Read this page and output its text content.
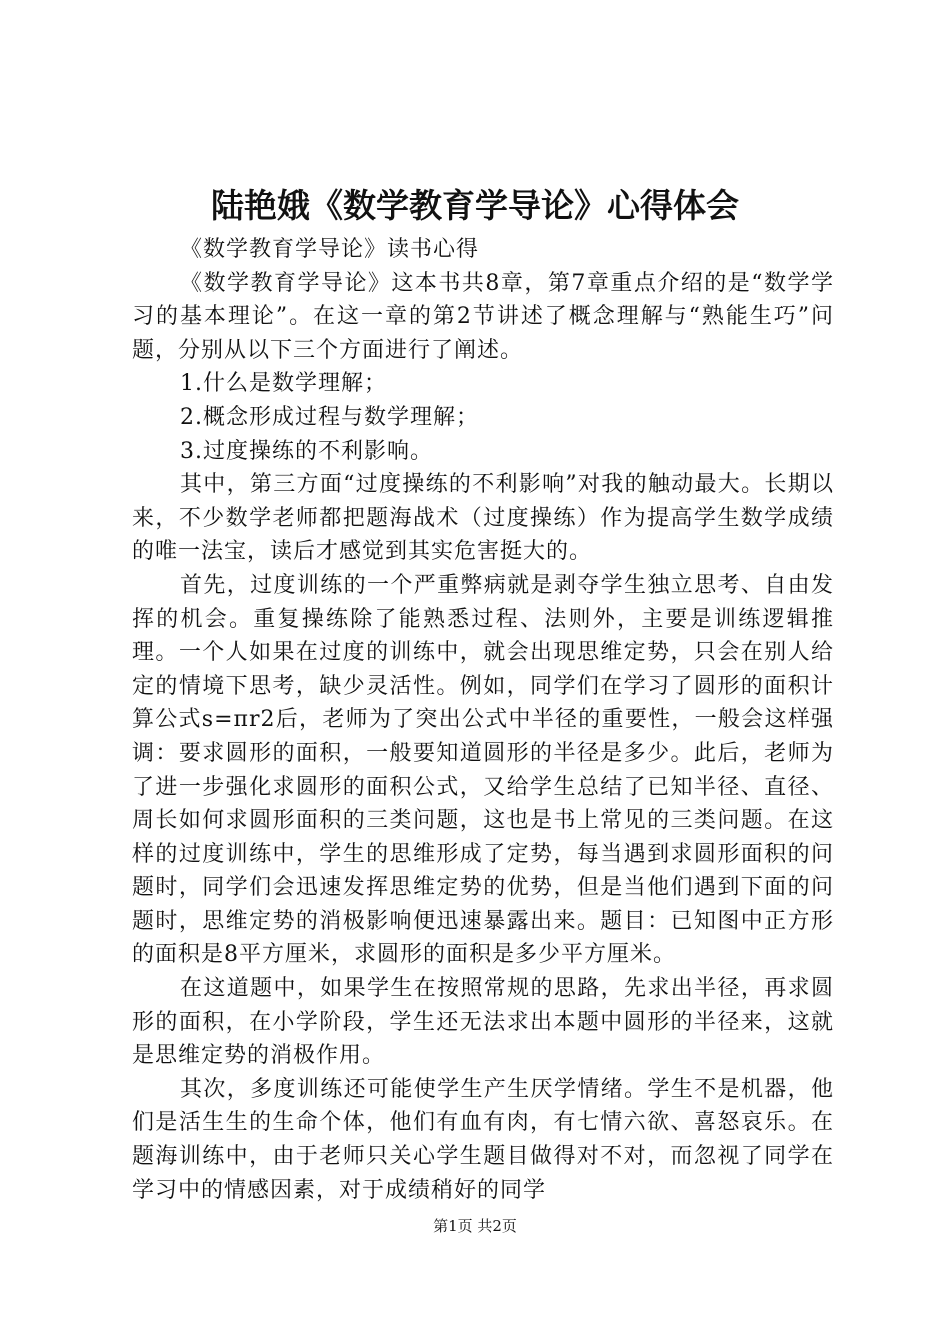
陆艳娥《数学教育学导论》心得体会

《数学教育学导论》读书心得

《数学教育学导论》这本书共8章，第7章重点介绍的是“数学学习的基本理论”。在这一章的第2节讲述了概念理解与“熟能生巧”问题，分别从以下三个方面进行了阐述。

1.什么是数学理解；

2.概念形成过程与数学理解；

3.过度操练的不利影响。

其中，第三方面“过度操练的不利影响”对我的触动最大。长期以来，不少数学老师都把题海战术（过度操练）作为提高学生数学成绩的唯一法宝，读后才感觉到其实危害挺大的。

首先，过度训练的一个严重弊病就是剥夺学生独立思考、自由发挥的机会。重复操练除了能熟悉过程、法则外，主要是训练逻辑推理。一个人如果在过度的训练中，就会出现思维定势，只会在别人给定的情境下思考，缺少灵活性。例如，同学们在学习了圆形的面积计算公式s=πr2后，老师为了突出公式中半径的重要性，一般会这样强调：要求圆形的面积，一般要知道圆形的半径是多少。此后，老师为了进一步强化求圆形的面积公式，又给学生总结了已知半径、直径、周长如何求圆形面积的三类问题，这也是书上常见的三类问题。在这样的过度训练中，学生的思维形成了定势，每当遇到求圆形面积的问题时，同学们会迅速发挥思维定势的优势，但是当他们遇到下面的问题时，思维定势的消极影响便迅速暴露出来。题目：已知图中正方形的面积是8平方厘米，求圆形的面积是多少平方厘米。

在这道题中，如果学生在按照常规的思路，先求出半径，再求圆形的面积，在小学阶段，学生还无法求出本题中圆形的半径来，这就是思维定势的消极作用。

其次，多度训练还可能使学生产生厌学情绪。学生不是机器，他们是活生生的生命个体，他们有血有肉，有七情六欲、喜怒哀乐。在题海训练中，由于老师只关心学生题目做得对不对，而忽视了同学在学习中的情感因素，对于成绩稍好的同学

第1页 共2页
